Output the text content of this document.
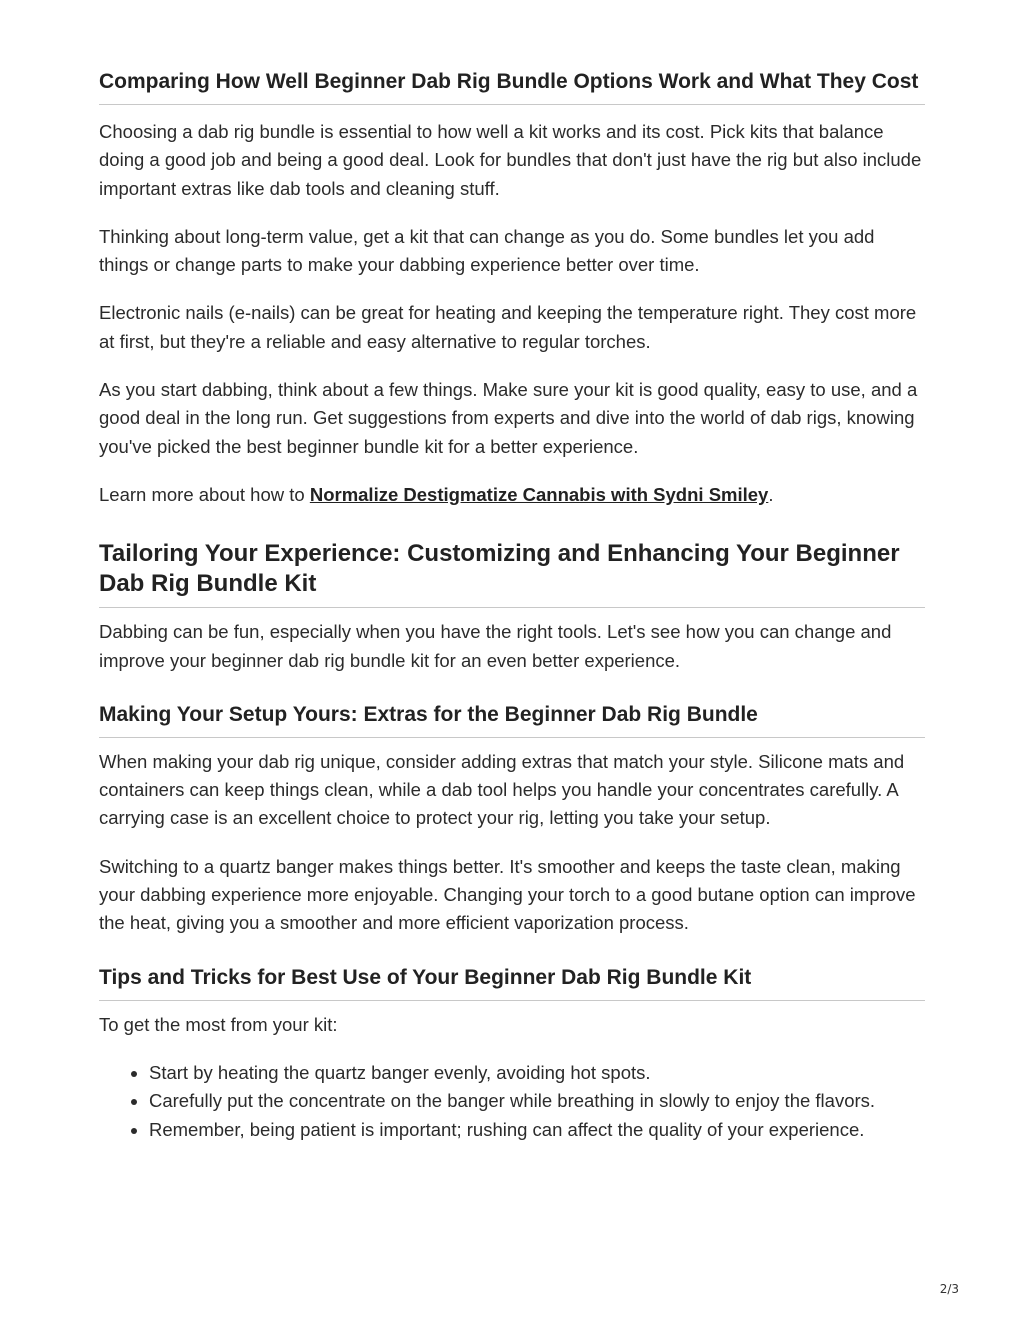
Comparing How Well Beginner Dab Rig Bundle Options Work and What They Cost

Choosing a dab rig bundle is essential to how well a kit works and its cost. Pick kits that balance doing a good job and being a good deal. Look for bundles that don't just have the rig but also include important extras like dab tools and cleaning stuff.

Thinking about long-term value, get a kit that can change as you do. Some bundles let you add things or change parts to make your dabbing experience better over time.

Electronic nails (e-nails) can be great for heating and keeping the temperature right. They cost more at first, but they're a reliable and easy alternative to regular torches.

As you start dabbing, think about a few things. Make sure your kit is good quality, easy to use, and a good deal in the long run. Get suggestions from experts and dive into the world of dab rigs, knowing you've picked the best beginner bundle kit for a better experience.

Learn more about how to Normalize Destigmatize Cannabis with Sydni Smiley.

Tailoring Your Experience: Customizing and Enhancing Your Beginner Dab Rig Bundle Kit

Dabbing can be fun, especially when you have the right tools. Let's see how you can change and improve your beginner dab rig bundle kit for an even better experience.

Making Your Setup Yours: Extras for the Beginner Dab Rig Bundle

When making your dab rig unique, consider adding extras that match your style. Silicone mats and containers can keep things clean, while a dab tool helps you handle your concentrates carefully. A carrying case is an excellent choice to protect your rig, letting you take your setup.

Switching to a quartz banger makes things better. It's smoother and keeps the taste clean, making your dabbing experience more enjoyable. Changing your torch to a good butane option can improve the heat, giving you a smoother and more efficient vaporization process.

Tips and Tricks for Best Use of Your Beginner Dab Rig Bundle Kit

To get the most from your kit:

• Start by heating the quartz banger evenly, avoiding hot spots.
• Carefully put the concentrate on the banger while breathing in slowly to enjoy the flavors.
• Remember, being patient is important; rushing can affect the quality of your experience.
2/3
